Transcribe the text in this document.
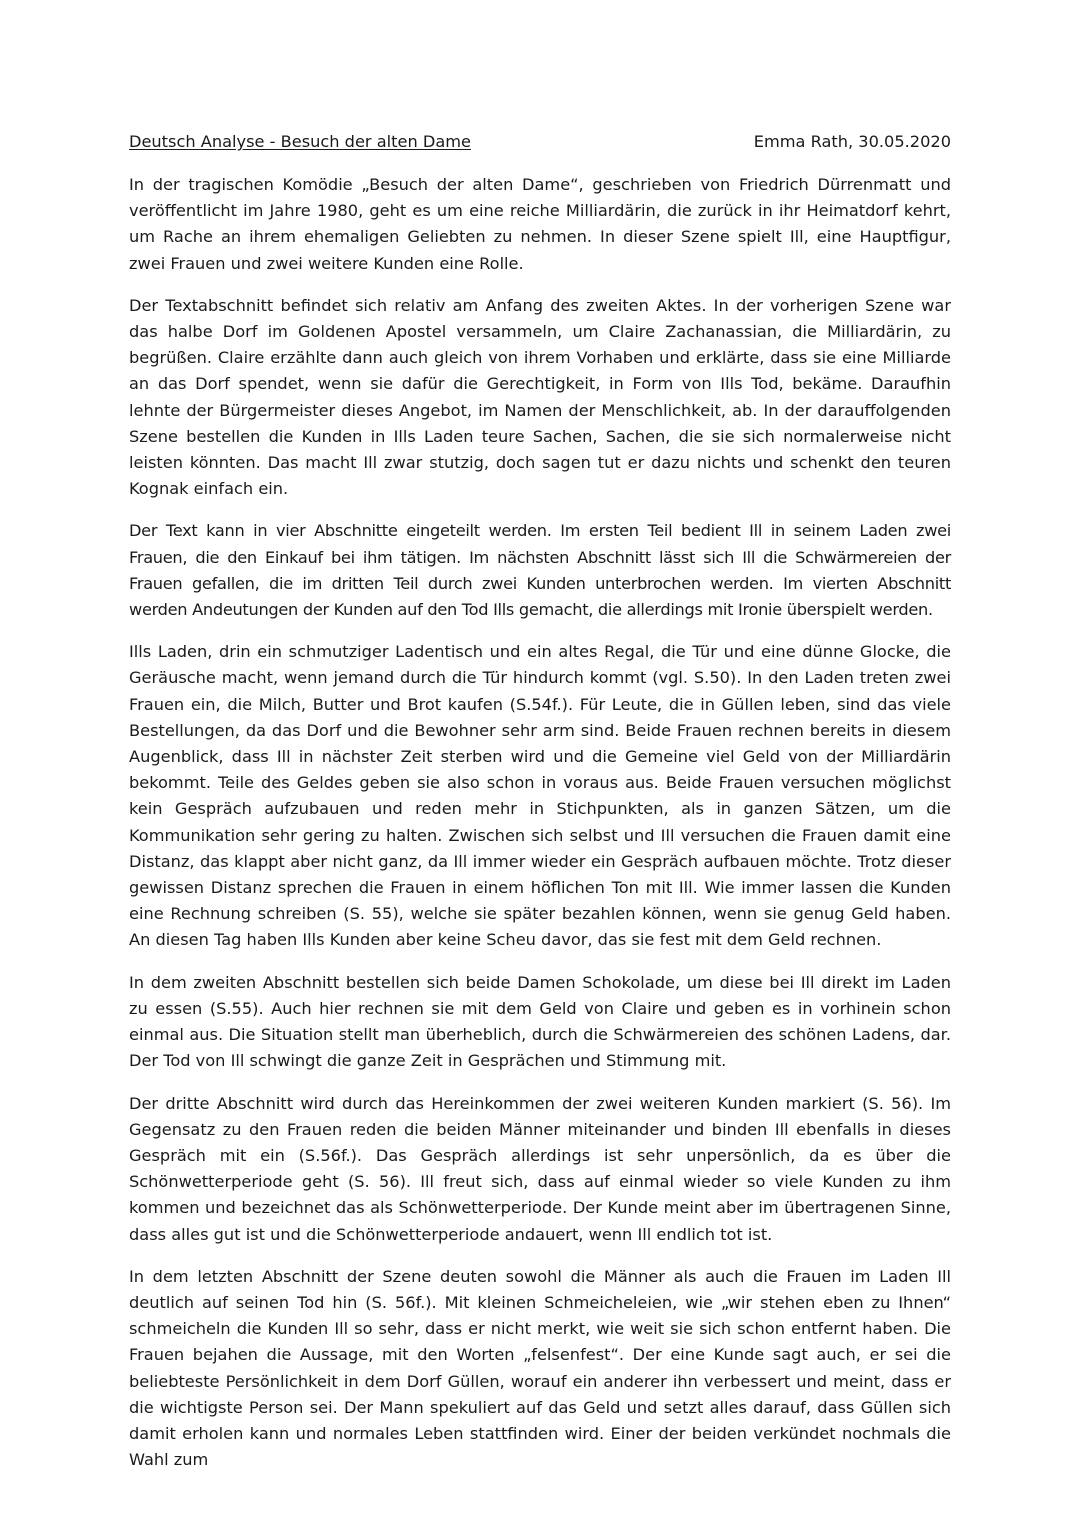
Deutsch Analyse - Besuch der alten Dame	Emma Rath, 30.05.2020

In der tragischen Komödie „Besuch der alten Dame“, geschrieben von Friedrich Dürrenmatt und veröffentlicht im Jahre 1980, geht es um eine reiche Milliardärin, die zurück in ihr Heimatdorf kehrt, um Rache an ihrem ehemaligen Geliebten zu nehmen. In dieser Szene spielt Ill, eine Hauptfigur, zwei Frauen und zwei weitere Kunden eine Rolle.

Der Textabschnitt befindet sich relativ am Anfang des zweiten Aktes. In der vorherigen Szene war das halbe Dorf im Goldenen Apostel versammeln, um Claire Zachanassian, die Milliardärin, zu begrüßen. Claire erzählte dann auch gleich von ihrem Vorhaben und erklärte, dass sie eine Milliarde an das Dorf spendet, wenn sie dafür die Gerechtigkeit, in Form von Ills Tod, bekäme. Daraufhin lehnte der Bürgermeister dieses Angebot, im Namen der Menschlichkeit, ab. In der darauffolgenden Szene bestellen die Kunden in Ills Laden teure Sachen, Sachen, die sie sich normalerweise nicht leisten könnten. Das macht Ill zwar stutzig, doch sagen tut er dazu nichts und schenkt den teuren Kognak einfach ein.

Der Text kann in vier Abschnitte eingeteilt werden. Im ersten Teil bedient Ill in seinem Laden zwei Frauen, die den Einkauf bei ihm tätigen. Im nächsten Abschnitt lässt sich Ill die Schwärmereien der Frauen gefallen, die im dritten Teil durch zwei Kunden unterbrochen werden. Im vierten Abschnitt werden Andeutungen der Kunden auf den Tod Ills gemacht, die allerdings mit Ironie überspielt werden.

Ills Laden, drin ein schmutziger Ladentisch und ein altes Regal, die Tür und eine dünne Glocke, die Geräusche macht, wenn jemand durch die Tür hindurch kommt (vgl. S.50). In den Laden treten zwei Frauen ein, die Milch, Butter und Brot kaufen (S.54f.). Für Leute, die in Güllen leben, sind das viele Bestellungen, da das Dorf und die Bewohner sehr arm sind. Beide Frauen rechnen bereits in diesem Augenblick, dass Ill in nächster Zeit sterben wird und die Gemeine viel Geld von der Milliardärin bekommt. Teile des Geldes geben sie also schon in voraus aus. Beide Frauen versuchen möglichst kein Gespräch aufzubauen und reden mehr in Stichpunkten, als in ganzen Sätzen, um die Kommunikation sehr gering zu halten. Zwischen sich selbst und Ill versuchen die Frauen damit eine Distanz, das klappt aber nicht ganz, da Ill immer wieder ein Gespräch aufbauen möchte. Trotz dieser gewissen Distanz sprechen die Frauen in einem höflichen Ton mit Ill. Wie immer lassen die Kunden eine Rechnung schreiben (S. 55), welche sie später bezahlen können, wenn sie genug Geld haben. An diesen Tag haben Ills Kunden aber keine Scheu davor, das sie fest mit dem Geld rechnen.

In dem zweiten Abschnitt bestellen sich beide Damen Schokolade, um diese bei Ill direkt im Laden zu essen (S.55). Auch hier rechnen sie mit dem Geld von Claire und geben es in vorhinein schon einmal aus. Die Situation stellt man überheblich, durch die Schwärmereien des schönen Ladens, dar. Der Tod von Ill schwingt die ganze Zeit in Gesprächen und Stimmung mit.

Der dritte Abschnitt wird durch das Hereinkommen der zwei weiteren Kunden markiert (S. 56). Im Gegensatz zu den Frauen reden die beiden Männer miteinander und binden Ill ebenfalls in dieses Gespräch mit ein (S.56f.). Das Gespräch allerdings ist sehr unpersönlich, da es über die Schönwetterperiode geht (S. 56). Ill freut sich, dass auf einmal wieder so viele Kunden zu ihm kommen und bezeichnet das als Schönwetterperiode. Der Kunde meint aber im übertragenen Sinne, dass alles gut ist und die Schönwetterperiode andauert, wenn Ill endlich tot ist.

In dem letzten Abschnitt der Szene deuten sowohl die Männer als auch die Frauen im Laden Ill deutlich auf seinen Tod hin (S. 56f.). Mit kleinen Schmeicheleien, wie „wir stehen eben zu Ihnen“ schmeicheln die Kunden Ill so sehr, dass er nicht merkt, wie weit sie sich schon entfernt haben. Die Frauen bejahen die Aussage, mit den Worten „felsenfest“. Der eine Kunde sagt auch, er sei die beliebteste Persönlichkeit in dem Dorf Güllen, worauf ein anderer ihn verbessert und meint, dass er die wichtigste Person sei. Der Mann spekuliert auf das Geld und setzt alles darauf, dass Güllen sich damit erholen kann und normales Leben stattfinden wird. Einer der beiden verkündet nochmals die Wahl zum
